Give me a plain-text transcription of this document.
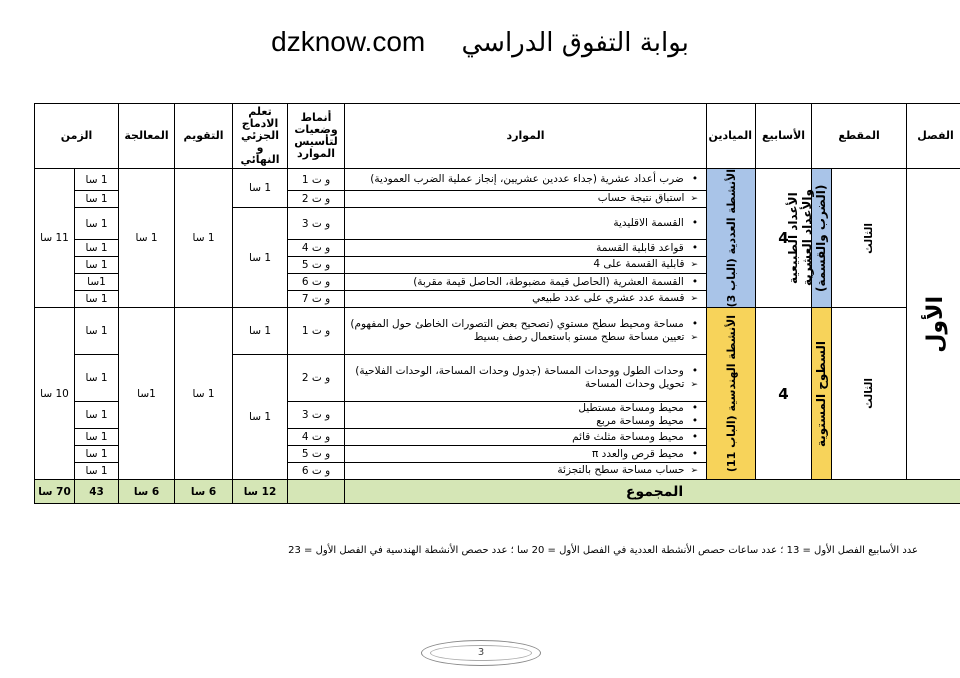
dzknow.com بوابة التفوق الدراسي
الفصل	المقطع		الأسابيع	الميادين	الموارد	أنماط وضعيات لتأسيس الموارد	تعلم الادماج الجزئي و النهائي	التقويم	المعالجة	الزمن	

الأول	الثالث	الأعداد الطبيعية والأعداد العشرية (الضرب والقسمة)	4	الأنشطة العددية (الباب 3)	• ضرب أعداد عشرية (جداء عددين عشريين، إنجاز عملية الضرب العمودية)	و ت 1	1 سا	1 سا	1 سا	1 سا	11 سا

					➢ استباق نتيجة حساب	و ت 2				1 سا	

					• القسمة الاقليدية	و ت 3	1 سا			1 سا	

					• قواعد قابلية القسمة	و ت 4				1 سا	

					➢ قابلية القسمة على 4	و ت 5				1 سا	

					• القسمة العشرية (الحاصل قيمة مضبوطة، الحاصل قيمة مقربة)	و ت 6				1سا	

					➢ قسمة عدد عشري على عدد طبيعي	و ت 7				1 سا	

	الثالث	السطوح المستوية	4	الأنشطة الهندسية (الباب 11)	• مساحة ومحيط سطح مستوي (تصحيح بعض التصورات الخاطئ حول المفهوم)
➢ تعيين مساحة سطح مستو باستعمال رصف بسيط	و ت 1	1 سا	1 سا	1سا	1 سا	10 سا

					• وحدات الطول ووحدات المساحة (جدول وحدات المساحة، الوحدات الفلاحية)
➢ تحويل وحدات المساحة	و ت 2	1 سا			1 سا	

					• محيط ومساحة مستطيل
• محيط ومساحة مربع	و ت 3				1 سا	

					• محيط ومساحة مثلث قائم	و ت 4				1 سا	

					• محيط قرص والعدد π	و ت 5				1 سا	

					➢ حساب مساحة سطح بالتجزئة	و ت 6				1 سا	
المجموع							12 سا	6 سا	6 سا	43	70 سا
عدد الأسابيع الفصل الأول = 13 ؛ عدد ساعات حصص الأنشطة العددية في الفصل الأول = 20 سا ؛ عدد حصص الأنشطة الهندسية في الفصل الأول = 23
3
